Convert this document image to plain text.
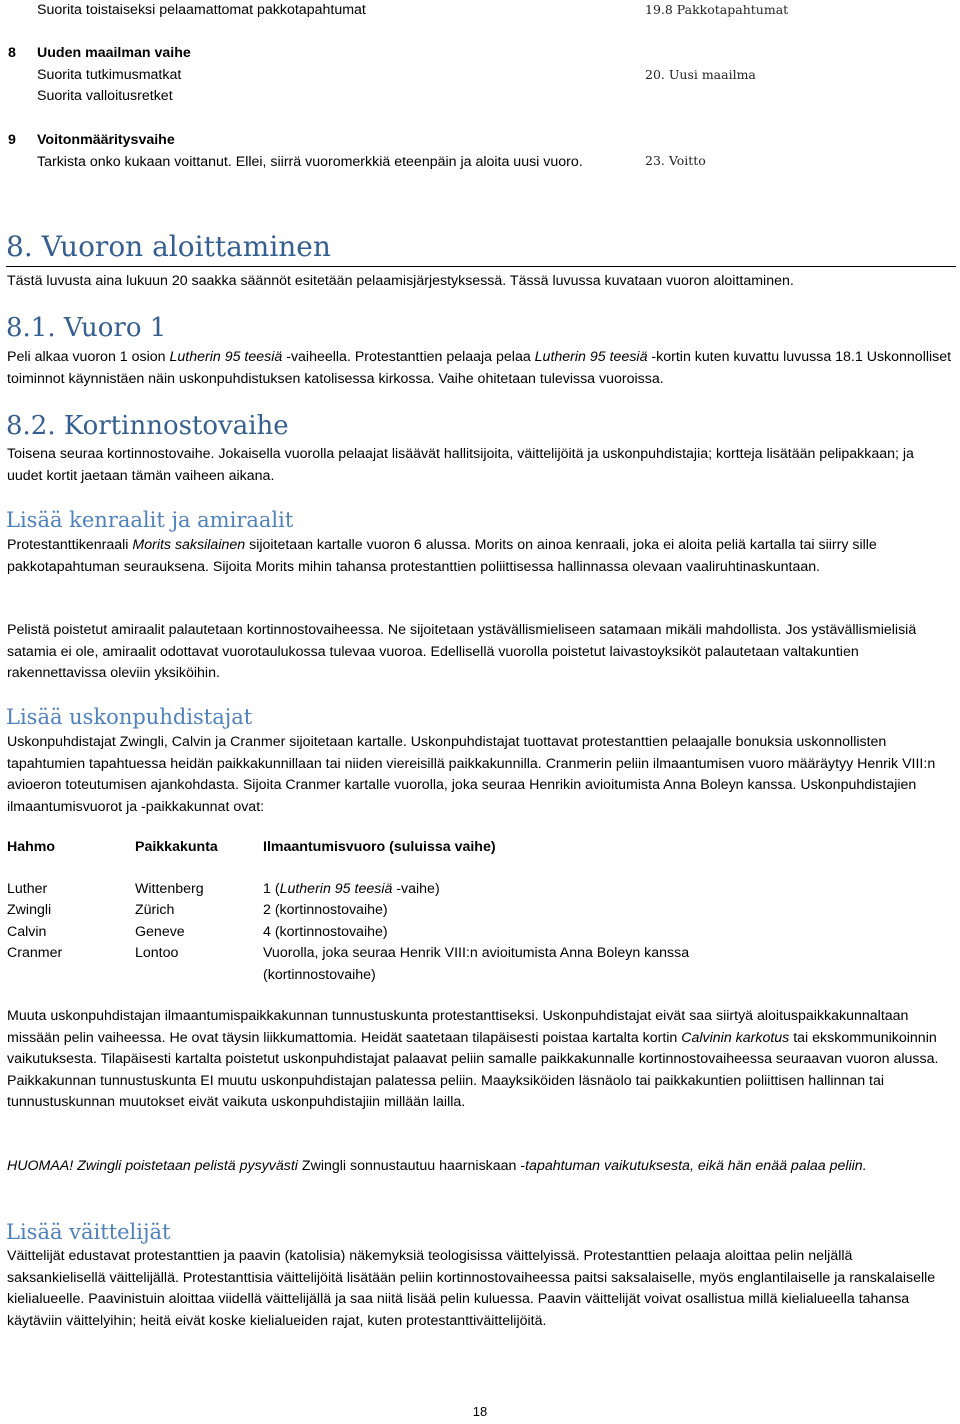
Suorita toistaiseksi pelaamattomat pakkotapahtumat	19.8 Pakkotapahtumat
8	Uuden maailman vaihe
Suorita tutkimusmatkat
Suorita valloitusretket
20. Uusi maailma
9	Voitonmääritysvaihe
Tarkista onko kukaan voittanut. Ellei, siirrä vuoromerkkiä eteenpäin ja aloita uusi vuoro.	23. Voitto
8. Vuoron aloittaminen

Tästä luvusta aina lukuun 20 saakka säännöt esitetään pelaamisjärjestyksessä. Tässä luvussa kuvataan vuoron aloittaminen.

8.1. Vuoro 1

Peli alkaa vuoron 1 osion Lutherin 95 teesiä -vaiheella. Protestanttien pelaaja pelaa Lutherin 95 teesiä -kortin kuten kuvattu luvussa 18.1 Uskonnolliset toiminnot käynnistäen näin uskonpuhdistuksen katolisessa kirkossa. Vaihe ohitetaan tulevissa vuoroissa.

8.2. Kortinnostovaihe

Toisena seuraa kortinnostovaihe. Jokaisella vuorolla pelaajat lisäävät hallitsijoita, väittelijöitä ja uskonpuhdistajia; kortteja lisätään pelipakkaan; ja uudet kortit jaetaan tämän vaiheen aikana.

Lisää kenraalit ja amiraalit

Protestanttikenraali Morits saksilainen sijoitetaan kartalle vuoron 6 alussa. Morits on ainoa kenraali, joka ei aloita peliä kartalla tai siirry sille pakkotapahtuman seurauksena. Sijoita Morits mihin tahansa protestanttien poliittisessa hallinnassa olevaan vaaliruhtinaskuntaan.

Pelistä poistetut amiraalit palautetaan kortinnostovaiheessa. Ne sijoitetaan ystävällismieliseen satamaan mikäli mahdollista. Jos ystävällismielisiä satamia ei ole, amiraalit odottavat vuorotaulukossa tulevaa vuoroa. Edellisellä vuorolla poistetut laivastoyksiköt palautetaan valtakuntien rakennettavissa oleviin yksiköihin.

Lisää uskonpuhdistajat

Uskonpuhdistajat Zwingli, Calvin ja Cranmer sijoitetaan kartalle. Uskonpuhdistajat tuottavat protestanttien pelaajalle bonuksia uskonnollisten tapahtumien tapahtuessa heidän paikkakunnillaan tai niiden viereisillä paikkakunnilla. Cranmerin peliin ilmaantumisen vuoro määräytyy Henrik VIII:n avioeron toteutumisen ajankohdasta. Sijoita Cranmer kartalle vuorolla, joka seuraa Henrikin avioitumista Anna Boleyn kanssa. Uskonpuhdistajien ilmaantumisvuorot ja -paikkakunnat ovat:

Hahmo	Paikkakunta	Ilmaantumisvuoro (suluissa vaihe)
Luther	Wittenberg	1 (Lutherin 95 teesiä -vaihe)
Zwingli	Zürich	2 (kortinnostovaihe)
Calvin	Geneve	4 (kortinnostovaihe)
Cranmer	Lontoo	Vuorolla, joka seuraa Henrik VIII:n avioitumista Anna Boleyn kanssa (kortinnostovaihe)

Muuta uskonpuhdistajan ilmaantumispaikkakunnan tunnustuskunta protestanttiseksi. Uskonpuhdistajat eivät saa siirtyä aloituspaikkakunnaltaan missään pelin vaiheessa. He ovat täysin liikkumattomia. Heidät saatetaan tilapäisesti poistaa kartalta kortin Calvinin karkotus tai ekskommunikoinnin vaikutuksesta. Tilapäisesti kartalta poistetut uskonpuhdistajat palaavat peliin samalle paikkakunnalle kortinnostovaiheessa seuraavan vuoron alussa. Paikkakunnan tunnustuskunta EI muutu uskonpuhdistajan palatessa peliin. Maayksiköiden läsnäolo tai paikkakuntien poliittisen hallinnan tai tunnustuskunnan muutokset eivät vaikuta uskonpuhdistajiin millään lailla.

HUOMAA! Zwingli poistetaan pelistä pysyvästi Zwingli sonnustautuu haarniskaan -tapahtuman vaikutuksesta, eikä hän enää palaa peliin.

Lisää väittelijät

Väittelijät edustavat protestanttien ja paavin (katolisia) näkemyksiä teologisissa väittelyissä. Protestanttien pelaaja aloittaa pelin neljällä saksankielisellä väittelijällä. Protestanttisia väittelijöitä lisätään peliin kortinnostovaiheessa paitsi saksalaiselle, myös englantilaiselle ja ranskalaiselle kielialueelle. Paavinistuin aloittaa viidellä väittelijällä ja saa niitä lisää pelin kuluessa. Paavin väittelijät voivat osallistua millä kielialueella tahansa käytäviin väittelyihin; heitä eivät koske kielialueiden rajat, kuten protestanttiväittelijöitä.

18
